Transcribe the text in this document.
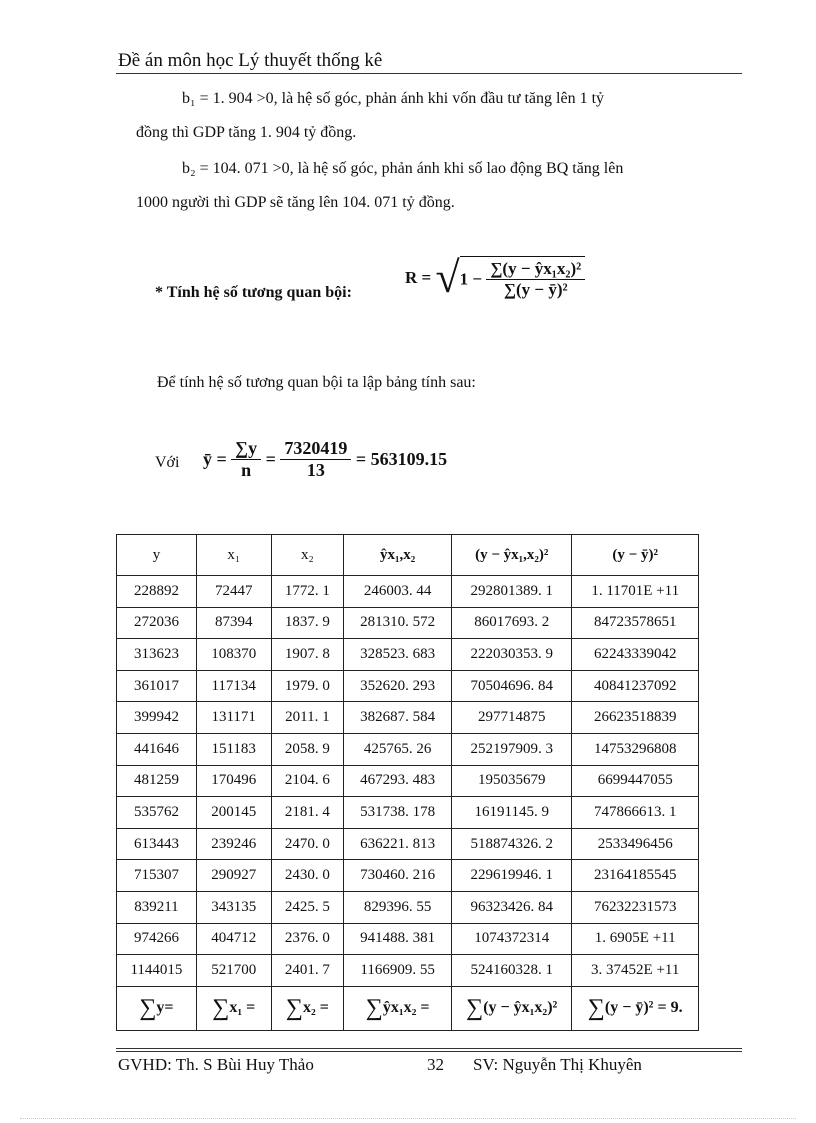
Đề án môn học Lý thuyết thống kê
b₁ = 1. 904 >0, là hệ số góc, phản ánh khi vốn đầu tư tăng lên 1 tỷ
đồng thì GDP tăng 1. 904 tỷ đồng.
b₂ = 104. 071 >0, là hệ số góc, phản ánh khi số lao động BQ tăng lên
1000 người thì GDP sẽ tăng lên 104. 071 tỷ đồng.
* Tính hệ số tương quan bội:
$R = √1 - \frac{\text{∑(y − ŷx₁x₂)²}}{\text{∑(y − ȳ)²}}$
Để tính hệ số tương quan bội ta lập bảng tính sau:
Với ȳ = $\frac{\sum y}{n} = \frac{7320419}{13} = 563109.15$
y	x₁	x₂	ŷx₁,x₂	(y − ŷx₁,x₂)²	(y − ȳ)²
228892	72447	1772. 1	246003. 44	292801389. 1	1. 11701E +11
272036	87394	1837. 9	281310. 572	86017693. 2	84723578651
313623	108370	1907. 8	328523. 683	222030353. 9	62243339042
361017	117134	1979. 0	352620. 293	70504696. 84	40841237092
399942	131171	2011. 1	382687. 584	297714875	26623518839
441646	151183	2058. 9	425765. 26	252197909. 3	14753296808
481259	170496	2104. 6	467293. 483	195035679	6699447055
535762	200145	2181. 4	531738. 178	16191145. 9	747866613. 1
613443	239246	2470. 0	636221. 813	518874326. 2	2533496456
715307	290927	2430. 0	730460. 216	229619946. 1	23164185545
839211	343135	2425. 5	829396. 55	96323426. 84	76232231573
974266	404712	2376. 0	941488. 381	1074372314	1. 6905E +11
1144015	521700	2401. 7	1166909. 55	524160328. 1	3. 37452E +11
∑y=	∑x₁ =	∑x₂ =	∑ŷx₁x₂ =	∑(y − ŷx₁x₂)²	∑(y − ȳ)² = 9.
GVHD: Th. S Bùi Huy Thảo	32 SV: Nguyễn Thị Khuyên
